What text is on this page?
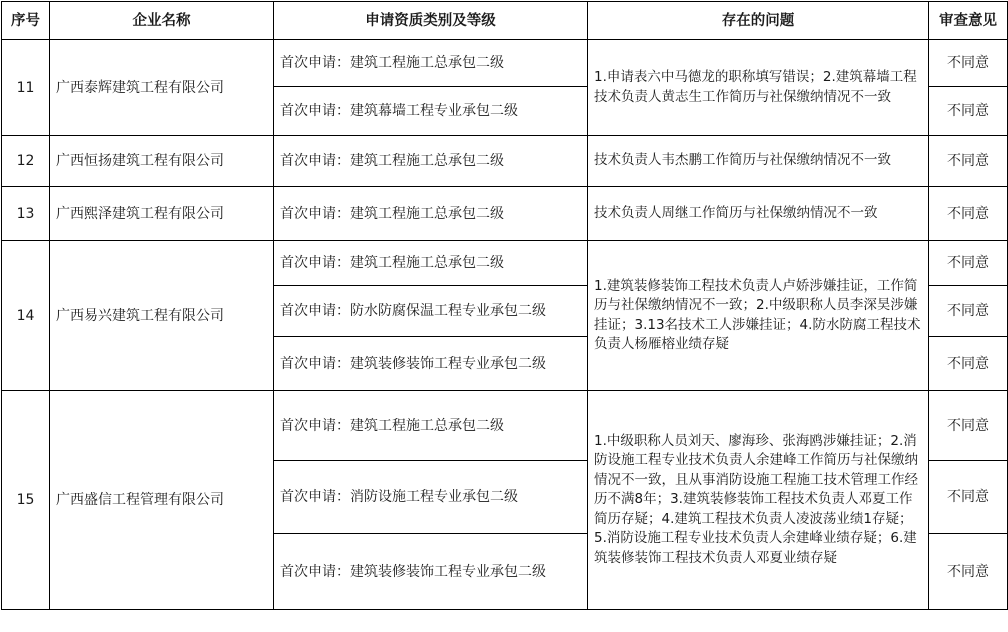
序号	企业名称	申请资质类别及等级	存在的问题	审查意见
11	广西泰辉建筑工程有限公司	首次申请：建筑工程施工总承包二级	1.申请表六中马德龙的职称填写错误；2.建筑幕墙工程技术负责人黄志生工作简历与社保缴纳情况不一致	不同意
		首次申请：建筑幕墙工程专业承包二级		不同意
12	广西恒扬建筑工程有限公司	首次申请：建筑工程施工总承包二级	技术负责人韦杰鹏工作简历与社保缴纳情况不一致	不同意
13	广西熙泽建筑工程有限公司	首次申请：建筑工程施工总承包二级	技术负责人周继工作简历与社保缴纳情况不一致	不同意
14	广西易兴建筑工程有限公司	首次申请：建筑工程施工总承包二级	1.建筑装修装饰工程技术负责人卢娇涉嫌挂证，工作简历与社保缴纳情况不一致；2.中级职称人员李深昊涉嫌挂证；3.13名技术工人涉嫌挂证；4.防水防腐工程技术负责人杨雁榕业绩存疑	不同意
		首次申请：防水防腐保温工程专业承包二级		不同意
		首次申请：建筑装修装饰工程专业承包二级		不同意
15	广西盛信工程管理有限公司	首次申请：建筑工程施工总承包二级	1.中级职称人员刘天、廖海珍、张海鸥涉嫌挂证；2.消防设施工程专业技术负责人余建峰工作简历与社保缴纳情况不一致，且从事消防设施工程施工技术管理工作经历不满8年；3.建筑装修装饰工程技术负责人邓夏工作简历存疑；4.建筑工程技术负责人凌波荡业绩1存疑；5.消防设施工程专业技术负责人余建峰业绩存疑；6.建筑装修装饰工程技术负责人邓夏业绩存疑	不同意
		首次申请：消防设施工程专业承包二级		不同意
		首次申请：建筑装修装饰工程专业承包二级		不同意
